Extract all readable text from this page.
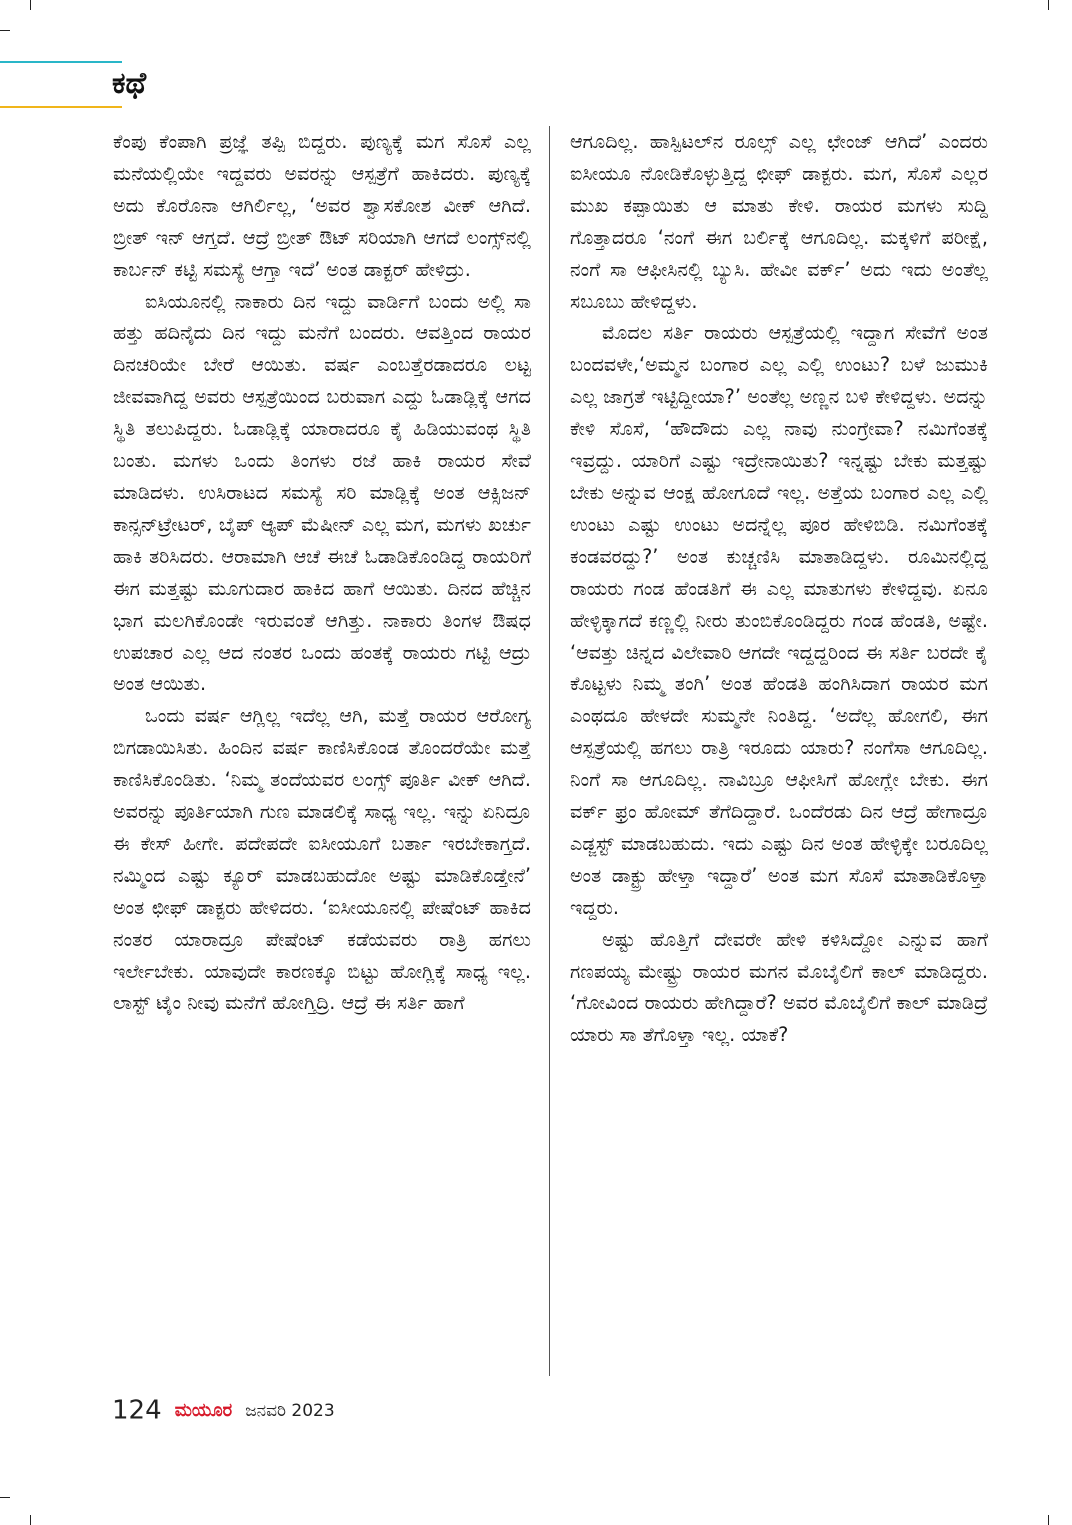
ಕಥೆ

ಕೆಂಪು ಕೆಂಪಾಗಿ ಪ್ರಜ್ಞೆ ತಪ್ಪಿ ಬಿದ್ದರು. ಪುಣ್ಯಕ್ಕೆ ಮಗ ಸೊಸೆ ಎಲ್ಲ ಮನೆಯಲ್ಲಿಯೇ ಇದ್ದವರು ಅವರನ್ನು ಆಸ್ಪತ್ರೆಗೆ ಹಾಕಿದರು. ಪುಣ್ಯಕ್ಕೆ ಅದು ಕೊರೊನಾ ಆಗಿರ್ಲಿಲ್ಲ, ‘ಅವರ ಶ್ವಾಸಕೋಶ ವೀಕ್ ಆಗಿದೆ. ಬ್ರೀತ್ ಇನ್ ಆಗ್ತದೆ. ಆದ್ರೆ ಬ್ರೀತ್ ಔಟ್ ಸರಿಯಾಗಿ ಆಗದೆ ಲಂಗ್ಸ್‌ನಲ್ಲಿ ಕಾರ್ಬನ್ ಕಟ್ಟಿ ಸಮಸ್ಯೆ ಆಗ್ತಾ ಇದೆ’ ಅಂತ ಡಾಕ್ಟರ್ ಹೇಳಿದ್ರು.

ಐಸಿಯೂನಲ್ಲಿ ನಾಕಾರು ದಿನ ಇದ್ದು ವಾರ್ಡಿಗೆ ಬಂದು ಅಲ್ಲಿ ಸಾ ಹತ್ತು ಹದಿನೈದು ದಿನ ಇದ್ದು ಮನೆಗೆ ಬಂದರು. ಆವತ್ತಿಂದ ರಾಯರ ದಿನಚರಿಯೇ ಬೇರೆ ಆಯಿತು. ವರ್ಷ ಎಂಬತ್ತೆರಡಾದರೂ ಲಟ್ಟ ಜೀವವಾಗಿದ್ದ ಅವರು ಆಸ್ಪತ್ರೆಯಿಂದ ಬರುವಾಗ ಎದ್ದು ಓಡಾಡ್ಲಿಕ್ಕೆ ಆಗದ ಸ್ಥಿತಿ ತಲುಪಿದ್ದರು. ಓಡಾಡ್ಲಿಕ್ಕೆ ಯಾರಾದರೂ ಕೈ ಹಿಡಿಯುವಂಥ ಸ್ಥಿತಿ ಬಂತು. ಮಗಳು ಒಂದು ತಿಂಗಳು ರಜೆ ಹಾಕಿ ರಾಯರ ಸೇವೆ ಮಾಡಿದಳು. ಉಸಿರಾಟದ ಸಮಸ್ಯೆ ಸರಿ ಮಾಡ್ಲಿಕ್ಕೆ ಅಂತ ಆಕ್ಸಿಜನ್ ಕಾನ್ಸನ್‌ಟ್ರೇಟರ್, ಬೈಪ್ ಆ್ಯಪ್ ಮೆಷೀನ್ ಎಲ್ಲ ಮಗ, ಮಗಳು ಖರ್ಚು ಹಾಕಿ ತರಿಸಿದರು. ಆರಾಮಾಗಿ ಆಚೆ ಈಚೆ ಓಡಾಡಿಕೊಂಡಿದ್ದ ರಾಯರಿಗೆ ಈಗ ಮತ್ತಷ್ಟು ಮೂಗುದಾರ ಹಾಕಿದ ಹಾಗೆ ಆಯಿತು. ದಿನದ ಹೆಚ್ಚಿನ ಭಾಗ ಮಲಗಿಕೊಂಡೇ ಇರುವಂತೆ ಆಗಿತ್ತು. ನಾಕಾರು ತಿಂಗಳ ಔಷಧ ಉಪಚಾರ ಎಲ್ಲ ಆದ ನಂತರ ಒಂದು ಹಂತಕ್ಕೆ ರಾಯರು ಗಟ್ಟಿ ಆದ್ರು ಅಂತ ಆಯಿತು.

ಒಂದು ವರ್ಷ ಆಗ್ಲಿಲ್ಲ ಇದೆಲ್ಲ ಆಗಿ, ಮತ್ತೆ ರಾಯರ ಆರೋಗ್ಯ ಬಿಗಡಾಯಿಸಿತು. ಹಿಂದಿನ ವರ್ಷ ಕಾಣಿಸಿಕೊಂಡ ತೊಂದರೆಯೇ ಮತ್ತೆ ಕಾಣಿಸಿಕೊಂಡಿತು. ‘ನಿಮ್ಮ ತಂದೆಯವರ ಲಂಗ್ಸ್ ಪೂರ್ತಿ ವೀಕ್ ಆಗಿದೆ. ಅವರನ್ನು ಪೂರ್ತಿಯಾಗಿ ಗುಣ ಮಾಡಲಿಕ್ಕೆ ಸಾಧ್ಯ ಇಲ್ಲ. ಇನ್ನು ಏನಿದ್ರೂ ಈ ಕೇಸ್ ಹೀಗೇ. ಪದೇಪದೇ ಐಸೀಯೂಗೆ ಬರ್ತಾ ಇರಬೇಕಾಗ್ತದೆ. ನಮ್ಮಿಂದ ಎಷ್ಟು ಕ್ಯೂರ್ ಮಾಡಬಹುದೋ ಅಷ್ಟು ಮಾಡಿಕೊಡ್ತೇನೆ’ ಅಂತ ಛೀಫ್ ಡಾಕ್ಟರು ಹೇಳಿದರು. ‘ಐಸೀಯೂನಲ್ಲಿ ಪೇಷೆಂಟ್ ಹಾಕಿದ ನಂತರ ಯಾರಾದ್ರೂ ಪೇಷೆಂಟ್ ಕಡೆಯವರು ರಾತ್ರಿ ಹಗಲು ಇರ್ಲೇಬೇಕು. ಯಾವುದೇ ಕಾರಣಕ್ಕೂ ಬಿಟ್ಟು ಹೋಗ್ಲಿಕ್ಕೆ ಸಾಧ್ಯ ಇಲ್ಲ. ಲಾಸ್ಟ್ ಟೈಂ ನೀವು ಮನೆಗೆ ಹೋಗ್ತಿದ್ರಿ. ಆದ್ರೆ ಈ ಸರ್ತಿ ಹಾಗೆ

ಆಗೂದಿಲ್ಲ. ಹಾಸ್ಪಿಟಲ್‌ನ ರೂಲ್ಸ್ ಎಲ್ಲ ಛೇಂಜ್ ಆಗಿದೆ’ ಎಂದರು ಐಸೀಯೂ ನೋಡಿಕೊಳ್ಳುತ್ತಿದ್ದ ಛೀಫ್ ಡಾಕ್ಟರು. ಮಗ, ಸೊಸೆ ಎಲ್ಲರ ಮುಖ ಕಪ್ಪಾಯಿತು ಆ ಮಾತು ಕೇಳಿ. ರಾಯರ ಮಗಳು ಸುದ್ದಿ ಗೊತ್ತಾದರೂ ‘ನಂಗೆ ಈಗ ಬರ್ಲಿಕ್ಕೆ ಆಗೂದಿಲ್ಲ. ಮಕ್ಕಳಿಗೆ ಪರೀಕ್ಷೆ, ನಂಗೆ ಸಾ ಆಫೀಸಿನಲ್ಲಿ ಬ್ಯುಸಿ. ಹೇವೀ ವರ್ಕ್’ ಅದು ಇದು ಅಂತೆಲ್ಲ ಸಬೂಬು ಹೇಳಿದ್ದಳು.

ಮೊದಲ ಸರ್ತಿ ರಾಯರು ಆಸ್ಪತ್ರೆಯಲ್ಲಿ ಇದ್ದಾಗ ಸೇವೆಗೆ ಅಂತ ಬಂದವಳೇ,‘ಅಮ್ಮನ ಬಂಗಾರ ಎಲ್ಲ ಎಲ್ಲಿ ಉಂಟು? ಬಳೆ ಜುಮುಕಿ ಎಲ್ಲ ಜಾಗ್ರತೆ ಇಟ್ಟಿದ್ದೀಯಾ?’ ಅಂತೆಲ್ಲ ಅಣ್ಣನ ಬಳಿ ಕೇಳಿದ್ದಳು. ಅದನ್ನು ಕೇಳಿ ಸೊಸೆ, ‘ಹೌದೌದು ಎಲ್ಲ ನಾವು ನುಂಗ್ರೇವಾ? ನಮಿಗೆಂತಕ್ಕೆ ಇವ್ರದ್ದು. ಯಾರಿಗೆ ಎಷ್ಟು ಇದ್ರೇನಾಯಿತು? ಇನ್ನಷ್ಟು ಬೇಕು ಮತ್ತಷ್ಟು ಬೇಕು ಅನ್ನುವ ಆಂಕ್ಷ ಹೋಗೂದೆ ಇಲ್ಲ. ಅತ್ತೆಯ ಬಂಗಾರ ಎಲ್ಲ ಎಲ್ಲಿ ಉಂಟು ಎಷ್ಟು ಉಂಟು ಅದನ್ನೆಲ್ಲ ಪೂರ ಹೇಳಿಬಿಡಿ. ನಮಿಗೆಂತಕ್ಕೆ ಕಂಡವರದ್ದು?’ ಅಂತ ಕುಚ್ಚಣಿಸಿ ಮಾತಾಡಿದ್ದಳು. ರೂಮಿನಲ್ಲಿದ್ದ ರಾಯರು ಗಂಡ ಹೆಂಡತಿಗೆ ಈ ಎಲ್ಲ ಮಾತುಗಳು ಕೇಳಿದ್ದವು. ಏನೂ ಹೇಳ್ಳಿಕ್ಕಾಗದೆ ಕಣ್ಣಲ್ಲಿ ನೀರು ತುಂಬಿಕೊಂಡಿದ್ದರು ಗಂಡ ಹೆಂಡತಿ, ಅಷ್ಟೇ. ‘ಆವತ್ತು ಚಿನ್ನದ ವಿಲೇವಾರಿ ಆಗದೇ ಇದ್ದದ್ದರಿಂದ ಈ ಸರ್ತಿ ಬರದೇ ಕೈ ಕೊಟ್ಟಳು ನಿಮ್ಮ ತಂಗಿ’ ಅಂತ ಹೆಂಡತಿ ಹಂಗಿಸಿದಾಗ ರಾಯರ ಮಗ ಎಂಥದೂ ಹೇಳದೇ ಸುಮ್ಮನೇ ನಿಂತಿದ್ದ. ‘ಅದೆಲ್ಲ ಹೋಗಲಿ, ಈಗ ಆಸ್ಪತ್ರೆಯಲ್ಲಿ ಹಗಲು ರಾತ್ರಿ ಇರೂದು ಯಾರು? ನಂಗೆಸಾ ಆಗೂದಿಲ್ಲ. ನಿಂಗೆ ಸಾ ಆಗೂದಿಲ್ಲ. ನಾವಿಬ್ರೂ ಆಫೀಸಿಗೆ ಹೋಗ್ಲೇ ಬೇಕು. ಈಗ ವರ್ಕ್ ಫ್ರಂ ಹೋಮ್ ತೆಗೆದಿದ್ದಾರೆ. ಒಂದೆರಡು ದಿನ ಆದ್ರೆ ಹೇಗಾದ್ರೂ ಎಡ್ಜಸ್ಟ್ ಮಾಡಬಹುದು. ಇದು ಎಷ್ಟು ದಿನ ಅಂತ ಹೇಳ್ಳಿಕ್ಕೇ ಬರೂದಿಲ್ಲ ಅಂತ ಡಾಕ್ಟ್ರು ಹೇಳ್ತಾ ಇದ್ದಾರೆ’ ಅಂತ ಮಗ ಸೊಸೆ ಮಾತಾಡಿಕೊಳ್ತಾ ಇದ್ದರು.

ಅಷ್ಟು ಹೊತ್ತಿಗೆ ದೇವರೇ ಹೇಳಿ ಕಳಿಸಿದ್ದೋ ಎನ್ನುವ ಹಾಗೆ ಗಣಪಯ್ಯ ಮೇಷ್ಟ್ರು ರಾಯರ ಮಗನ ಮೊಬೈಲಿಗೆ ಕಾಲ್ ಮಾಡಿದ್ದರು. ‘ಗೋವಿಂದ ರಾಯರು ಹೇಗಿದ್ದಾರೆ? ಅವರ ಮೊಬೈಲಿಗೆ ಕಾಲ್ ಮಾಡಿದ್ರೆ ಯಾರು ಸಾ ತೆಗೊಳ್ತಾ ಇಲ್ಲ. ಯಾಕೆ?

124 ಮಯೂರ ಜನವರಿ 2023
